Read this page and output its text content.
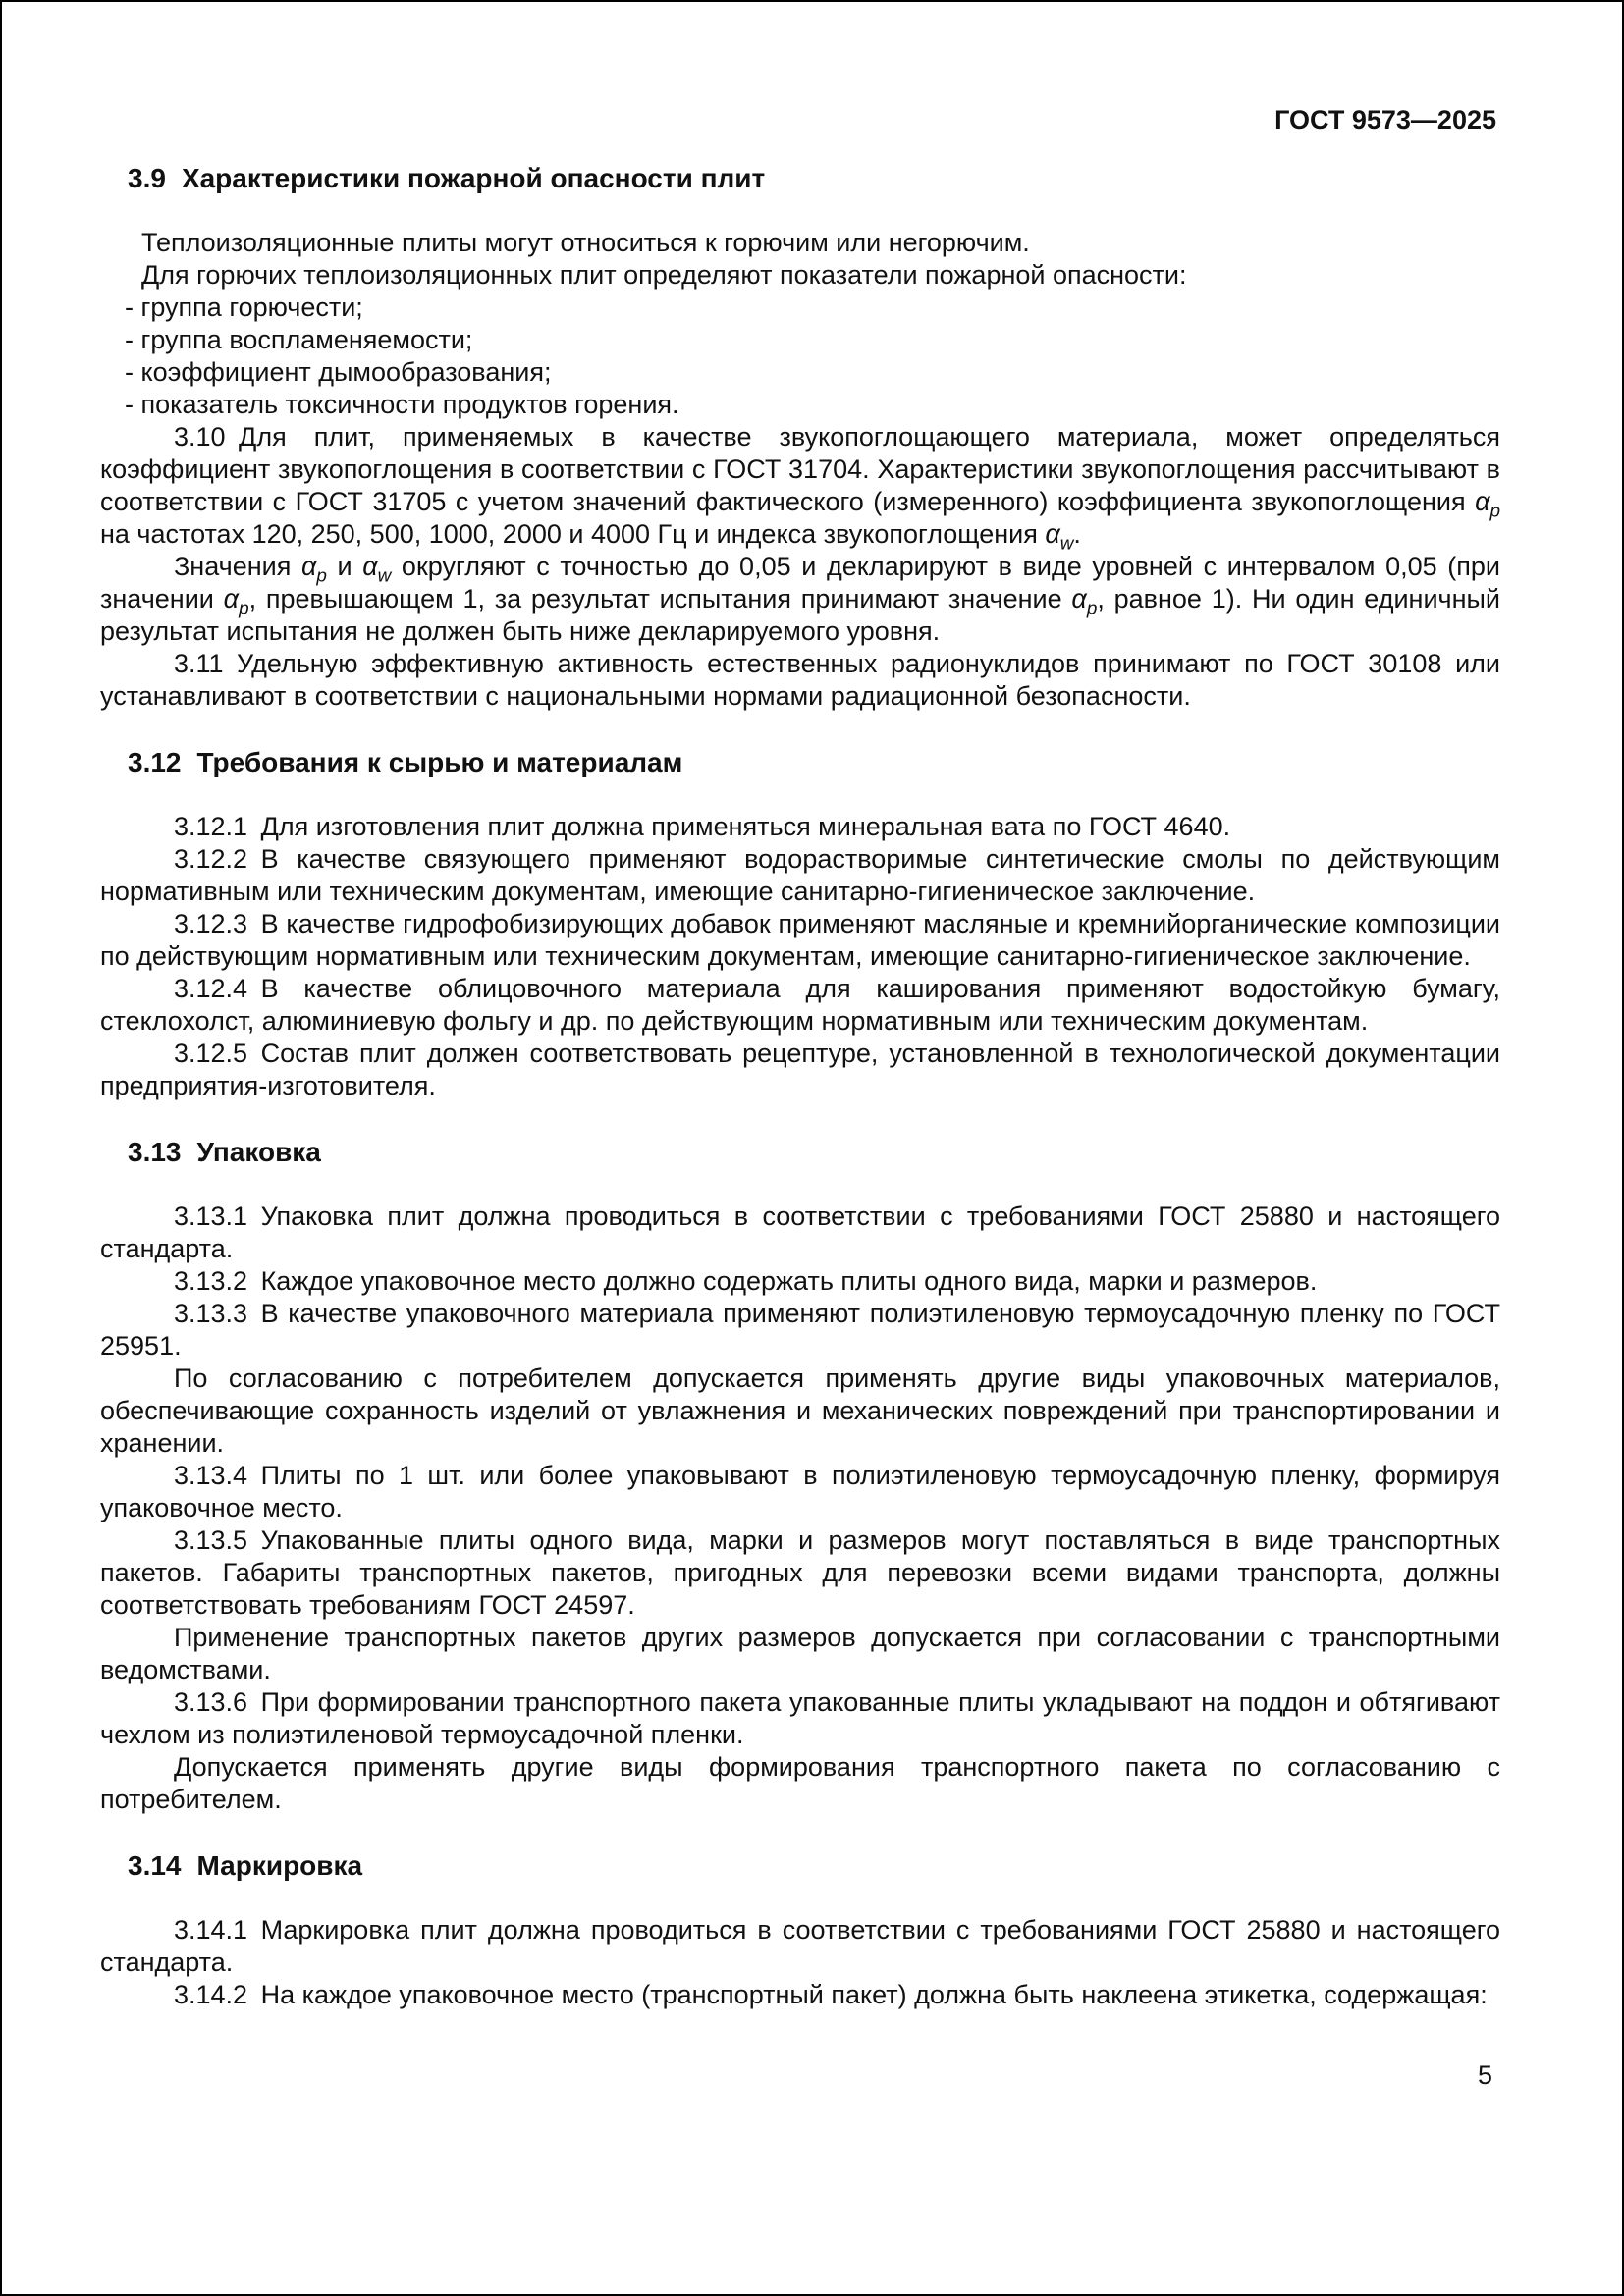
ГОСТ 9573—2025
3.9 Характеристики пожарной опасности плит

Теплоизоляционные плиты могут относиться к горючим или негорючим.

Для горючих теплоизоляционных плит определяют показатели пожарной опасности:

- группа горючести;

- группа воспламеняемости;

- коэффициент дымообразования;

- показатель токсичности продуктов горения.

3.10 Для плит, применяемых в качестве звукопоглощающего материала, может определяться коэффициент звукопоглощения в соответствии с ГОСТ 31704. Характеристики звукопоглощения рассчитывают в соответствии с ГОСТ 31705 с учетом значений фактического (измеренного) коэффициента звукопоглощения $\alpha_p$ на частотах 120, 250, 500, 1000, 2000 и 4000 Гц и индекса звукопоглощения $\alpha_w$.

Значения $\alpha_p$ и $\alpha_w$ округляют с точностью до 0,05 и декларируют в виде уровней с интервалом 0,05 (при значении $\alpha_p$, превышающем 1, за результат испытания принимают значение $\alpha_p$, равное 1). Ни один единичный результат испытания не должен быть ниже декларируемого уровня.

3.11 Удельную эффективную активность естественных радионуклидов принимают по ГОСТ 30108 или устанавливают в соответствии с национальными нормами радиационной безопасности.

3.12 Требования к сырью и материалам

3.12.1 Для изготовления плит должна применяться минеральная вата по ГОСТ 4640.

3.12.2 В качестве связующего применяют водорастворимые синтетические смолы по действующим нормативным или техническим документам, имеющие санитарно-гигиеническое заключение.

3.12.3 В качестве гидрофобизирующих добавок применяют масляные и кремнийорганические композиции по действующим нормативным или техническим документам, имеющие санитарно-гигиеническое заключение.

3.12.4 В качестве облицовочного материала для каширования применяют водостойкую бумагу, стеклохолст, алюминиевую фольгу и др. по действующим нормативным или техническим документам.

3.12.5 Состав плит должен соответствовать рецептуре, установленной в технологической документации предприятия-изготовителя.

3.13 Упаковка

3.13.1 Упаковка плит должна проводиться в соответствии с требованиями ГОСТ 25880 и настоящего стандарта.

3.13.2 Каждое упаковочное место должно содержать плиты одного вида, марки и размеров.

3.13.3 В качестве упаковочного материала применяют полиэтиленовую термоусадочную пленку по ГОСТ 25951.

По согласованию с потребителем допускается применять другие виды упаковочных материалов, обеспечивающие сохранность изделий от увлажнения и механических повреждений при транспортировании и хранении.

3.13.4 Плиты по 1 шт. или более упаковывают в полиэтиленовую термоусадочную пленку, формируя упаковочное место.

3.13.5 Упакованные плиты одного вида, марки и размеров могут поставляться в виде транспортных пакетов. Габариты транспортных пакетов, пригодных для перевозки всеми видами транспорта, должны соответствовать требованиям ГОСТ 24597.

Применение транспортных пакетов других размеров допускается при согласовании с транспортными ведомствами.

3.13.6 При формировании транспортного пакета упакованные плиты укладывают на поддон и обтягивают чехлом из полиэтиленовой термоусадочной пленки.

Допускается применять другие виды формирования транспортного пакета по согласованию с потребителем.

3.14 Маркировка

3.14.1 Маркировка плит должна проводиться в соответствии с требованиями ГОСТ 25880 и настоящего стандарта.

3.14.2 На каждое упаковочное место (транспортный пакет) должна быть наклеена этикетка, содержащая:

5
